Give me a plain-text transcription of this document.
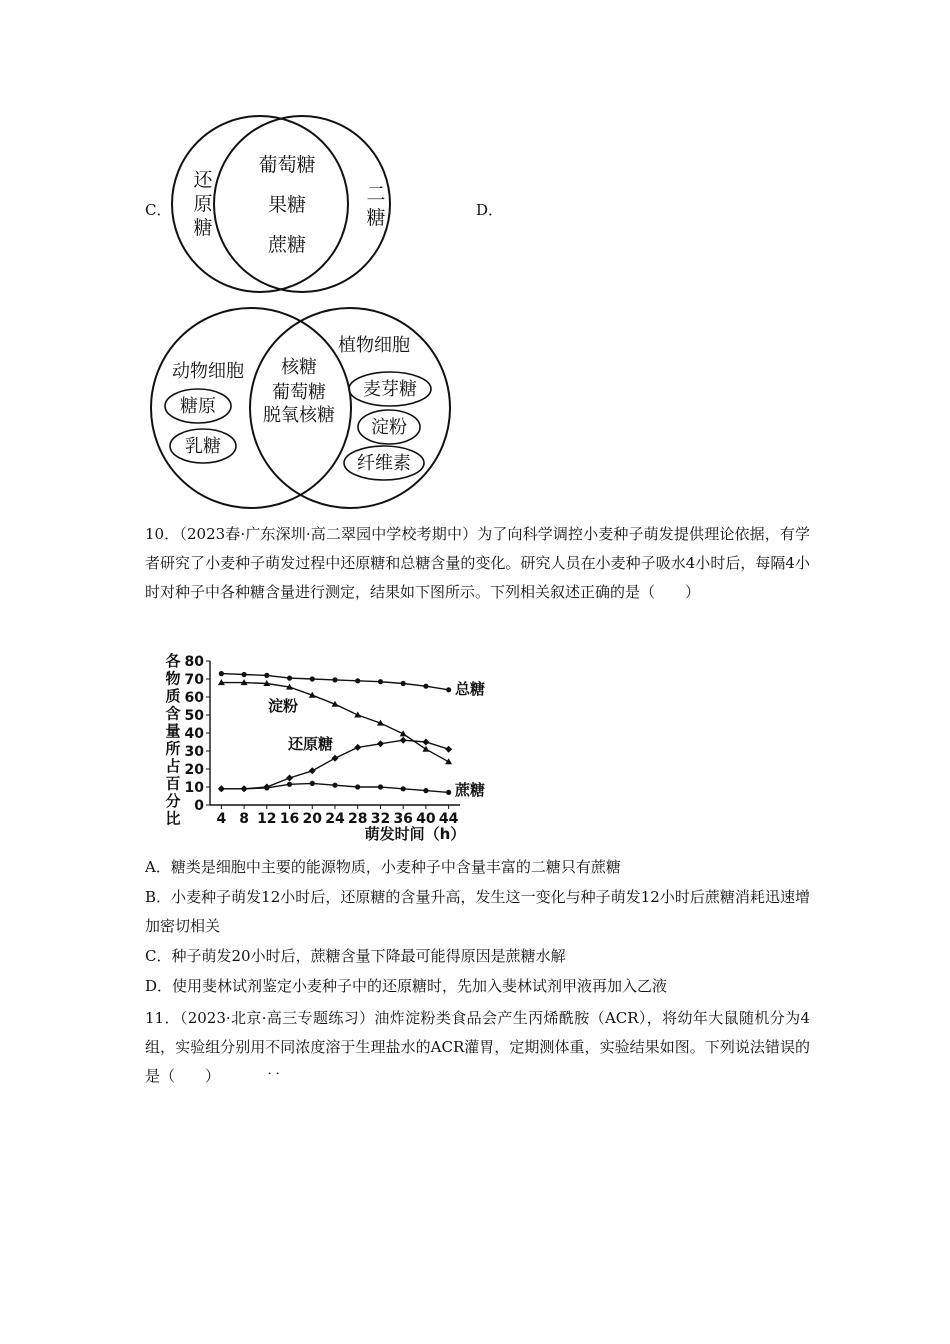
C．	D．
还
原
糖
葡萄糖
果糖
蔗糖
二
糖
动物细胞
糖原
乳糖
核糖
葡萄糖
脱氧核糖
植物细胞
麦芽糖
淀粉
纤维素
10．（2023春·广东深圳·高二翠园中学校考期中）为了向科学调控小麦种子萌发提供理论依据，有学者研究了小麦种子萌发过程中还原糖和总糖含量的变化。研究人员在小麦种子吸水4小时后，每隔4小时对种子中各种糖含量进行测定，结果如下图所示。下列相关叙述正确的是（　　）
0
10
20
30
40
50
60
70
80
4 8 12 16 20 24 28 32 36 40 44
各
物
质
含
量
所
占
百
分
比
萌发时间（h）
总糖
淀粉
还原糖
蔗糖
A．糖类是细胞中主要的能源物质，小麦种子中含量丰富的二糖只有蔗糖
B．小麦种子萌发12小时后，还原糖的含量升高，发生这一变化与种子萌发12小时后蔗糖消耗迅速增加密切相关
C．种子萌发20小时后，蔗糖含量下降最可能得原因是蔗糖水解
D．使用斐林试剂鉴定小麦种子中的还原糖时，先加入斐林试剂甲液再加入乙液
11．（2023·北京·高三专题练习）油炸淀粉类食品会产生丙烯酰胺（ACR），将幼年大鼠随机分为4组，实验组分别用不同浓度溶于生理盐水的ACR灌胃，定期测体重，实验结果如图。下列说法错误的是（　　）	．．
